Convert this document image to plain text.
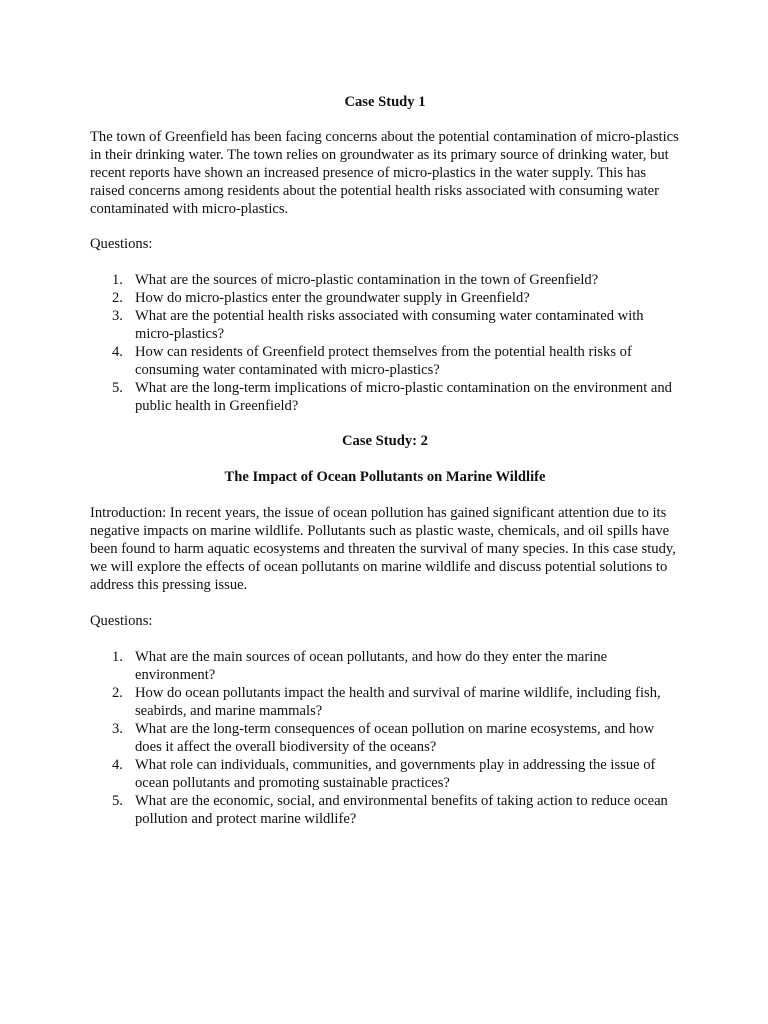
Case Study 1

The town of Greenfield has been facing concerns about the potential contamination of micro-plastics in their drinking water. The town relies on groundwater as its primary source of drinking water, but recent reports have shown an increased presence of micro-plastics in the water supply. This has raised concerns among residents about the potential health risks associated with consuming water contaminated with micro-plastics.

Questions:

1. What are the sources of micro-plastic contamination in the town of Greenfield?
2. How do micro-plastics enter the groundwater supply in Greenfield?
3. What are the potential health risks associated with consuming water contaminated with micro-plastics?
4. How can residents of Greenfield protect themselves from the potential health risks of consuming water contaminated with micro-plastics?
5. What are the long-term implications of micro-plastic contamination on the environment and public health in Greenfield?

Case Study: 2

The Impact of Ocean Pollutants on Marine Wildlife

Introduction: In recent years, the issue of ocean pollution has gained significant attention due to its negative impacts on marine wildlife. Pollutants such as plastic waste, chemicals, and oil spills have been found to harm aquatic ecosystems and threaten the survival of many species. In this case study, we will explore the effects of ocean pollutants on marine wildlife and discuss potential solutions to address this pressing issue.

Questions:

1. What are the main sources of ocean pollutants, and how do they enter the marine environment?
2. How do ocean pollutants impact the health and survival of marine wildlife, including fish, seabirds, and marine mammals?
3. What are the long-term consequences of ocean pollution on marine ecosystems, and how does it affect the overall biodiversity of the oceans?
4. What role can individuals, communities, and governments play in addressing the issue of ocean pollutants and promoting sustainable practices?
5. What are the economic, social, and environmental benefits of taking action to reduce ocean pollution and protect marine wildlife?
